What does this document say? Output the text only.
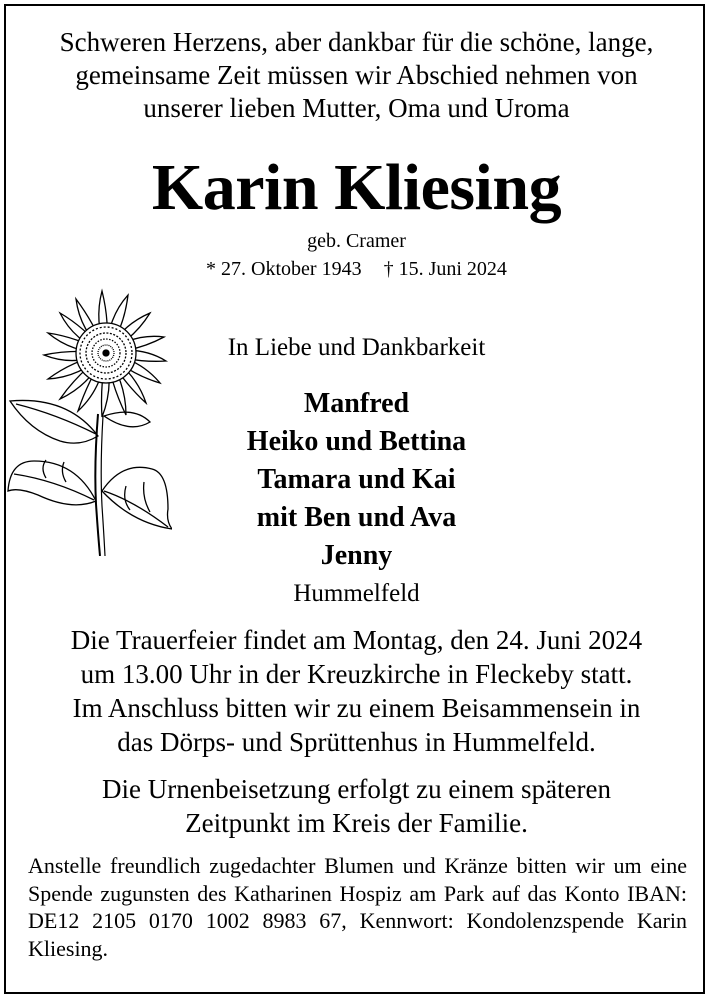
Schweren Herzens, aber dankbar für die schöne, lange,
gemeinsame Zeit müssen wir Abschied nehmen von
unserer lieben Mutter, Oma und Uroma
Karin Kliesing
geb. Cramer
* 27. Oktober 1943 † 15. Juni 2024
In Liebe und Dankbarkeit
Manfred
Heiko und Bettina
Tamara und Kai
mit Ben und Ava
Jenny
Hummelfeld
Die Trauerfeier findet am Montag, den 24. Juni 2024
um 13.00 Uhr in der Kreuzkirche in Fleckeby statt.
Im Anschluss bitten wir zu einem Beisammensein in
das Dörps- und Sprüttenhus in Hummelfeld.
Die Urnenbeisetzung erfolgt zu einem späteren
Zeitpunkt im Kreis der Familie.
Anstelle freundlich zugedachter Blumen und Kränze bitten wir um eine Spende zugunsten des Katharinen Hospiz am Park auf das Konto IBAN: DE12 2105 0170 1002 8983 67, Kennwort: Kondolenzspende Karin Kliesing.
